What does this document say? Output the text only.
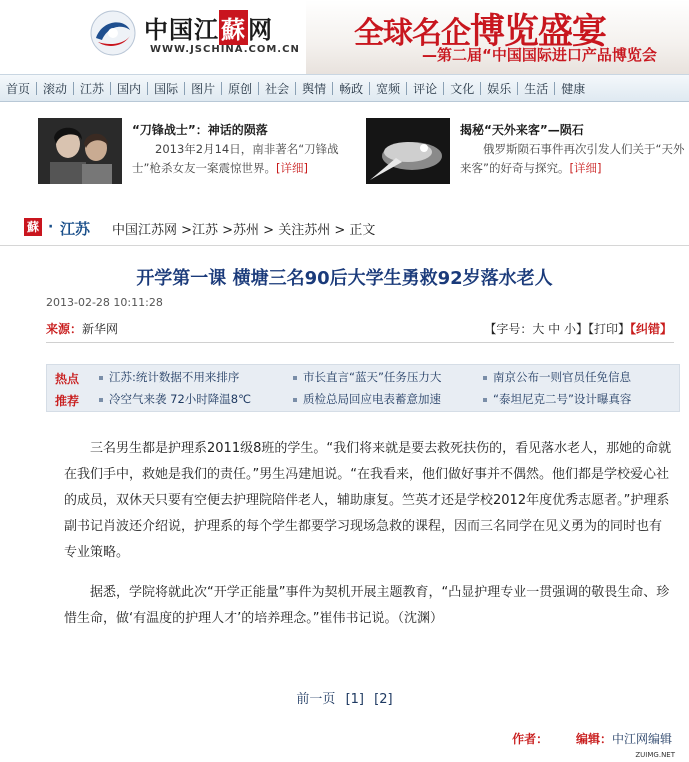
中国江蘇网
WWW.JSCHINA.COM.CN 全球名企博览盛宴
—第二届“中国国际进口产品博览会
首页	滚动	江苏	国内	国际	图片	原创	社会	舆情	畅政	宽频	评论	文化	娱乐	生活	健康
“刀锋战士”：神话的陨落
  2013年2月14日，南非著名“刀锋战士”枪杀女友一案震惊世界。[详细]
揭秘“天外来客”—陨石
  俄罗斯陨石事件再次引发人们关于“天外来客”的好奇与探究。[详细]
蘇 · 江苏 中国江苏网 >江苏 >苏州 > 关注苏州 > 正文
开学第一课 横塘三名90后大学生勇救92岁落水老人
2013-02-28 10:11:28
来源：新华网	【字号：大 中 小】【打印】【纠错】
热点
推荐
江苏:统计数据不用来排序	市长直言“蓝天”任务压力大	南京公布一则官员任免信息
冷空气来袭 72小时降温8℃	质检总局回应电表蓄意加速	“泰坦尼克二号”设计曝真容

  三名男生都是护理系2011级8班的学生。“我们将来就是要去救死扶伤的，看见落水老人，那她的命就在我们手中，救她是我们的责任。”男生冯建旭说。“在我看来，他们做好事并不偶然。他们都是学校爱心社的成员，双休天只要有空便去护理院陪伴老人，辅助康复。竺英才还是学校2012年度优秀志愿者。”护理系副书记肖波还介绍说，护理系的每个学生都要学习现场急救的课程，因而三名同学在见义勇为的同时也有专业策略。

  据悉，学院将就此次“开学正能量”事件为契机开展主题教育，“凸显护理专业一贯强调的敬畏生命、珍惜生命，做‘有温度的护理人才’的培养理念。”崔伟书记说。（沈渊）

前一页 [1] [2]
作者：   编辑：中江网编辑
ZUIMG.NET
